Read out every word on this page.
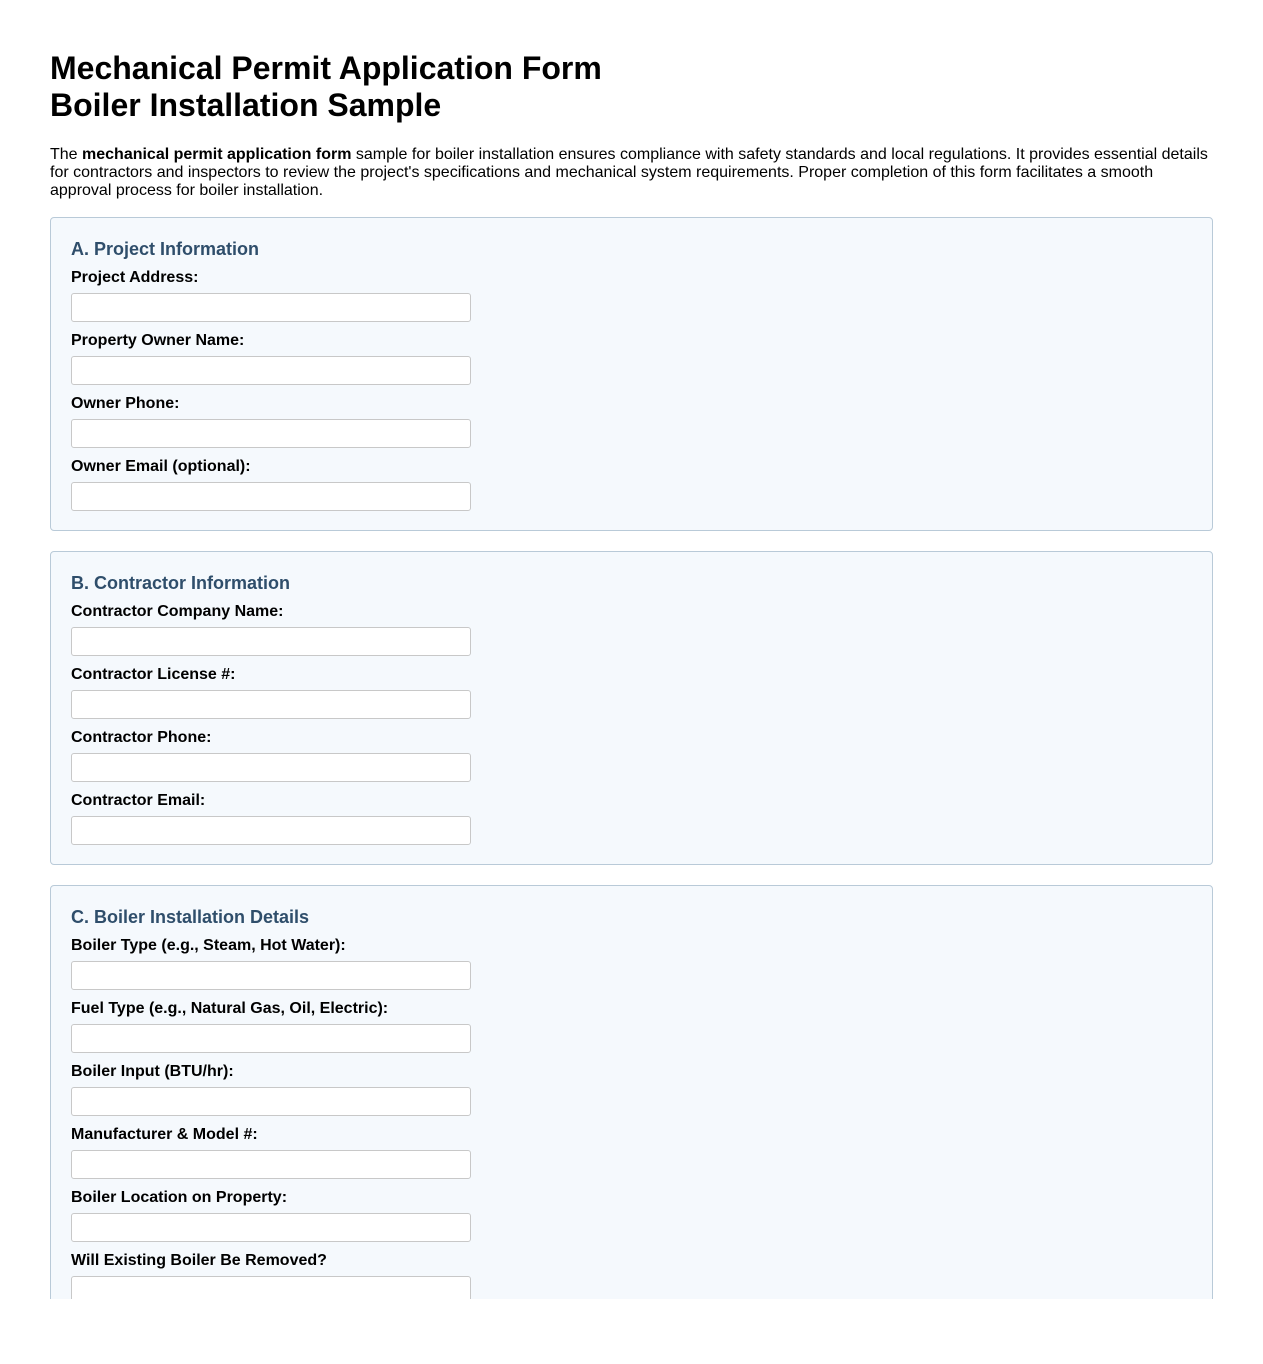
Mechanical Permit Application Form
Boiler Installation Sample

The mechanical permit application form sample for boiler installation ensures compliance with safety standards and local regulations. It provides essential details for contractors and inspectors to review the project's specifications and mechanical system requirements. Proper completion of this form facilitates a smooth approval process for boiler installation.

A. Project Information
Project Address:
Property Owner Name:
Owner Phone:
Owner Email (optional):
B. Contractor Information
Contractor Company Name:
Contractor License #:
Contractor Phone:
Contractor Email:
C. Boiler Installation Details
Boiler Type (e.g., Steam, Hot Water):
Fuel Type (e.g., Natural Gas, Oil, Electric):
Boiler Input (BTU/hr):
Manufacturer & Model #:
Boiler Location on Property:
Will Existing Boiler Be Removed?
